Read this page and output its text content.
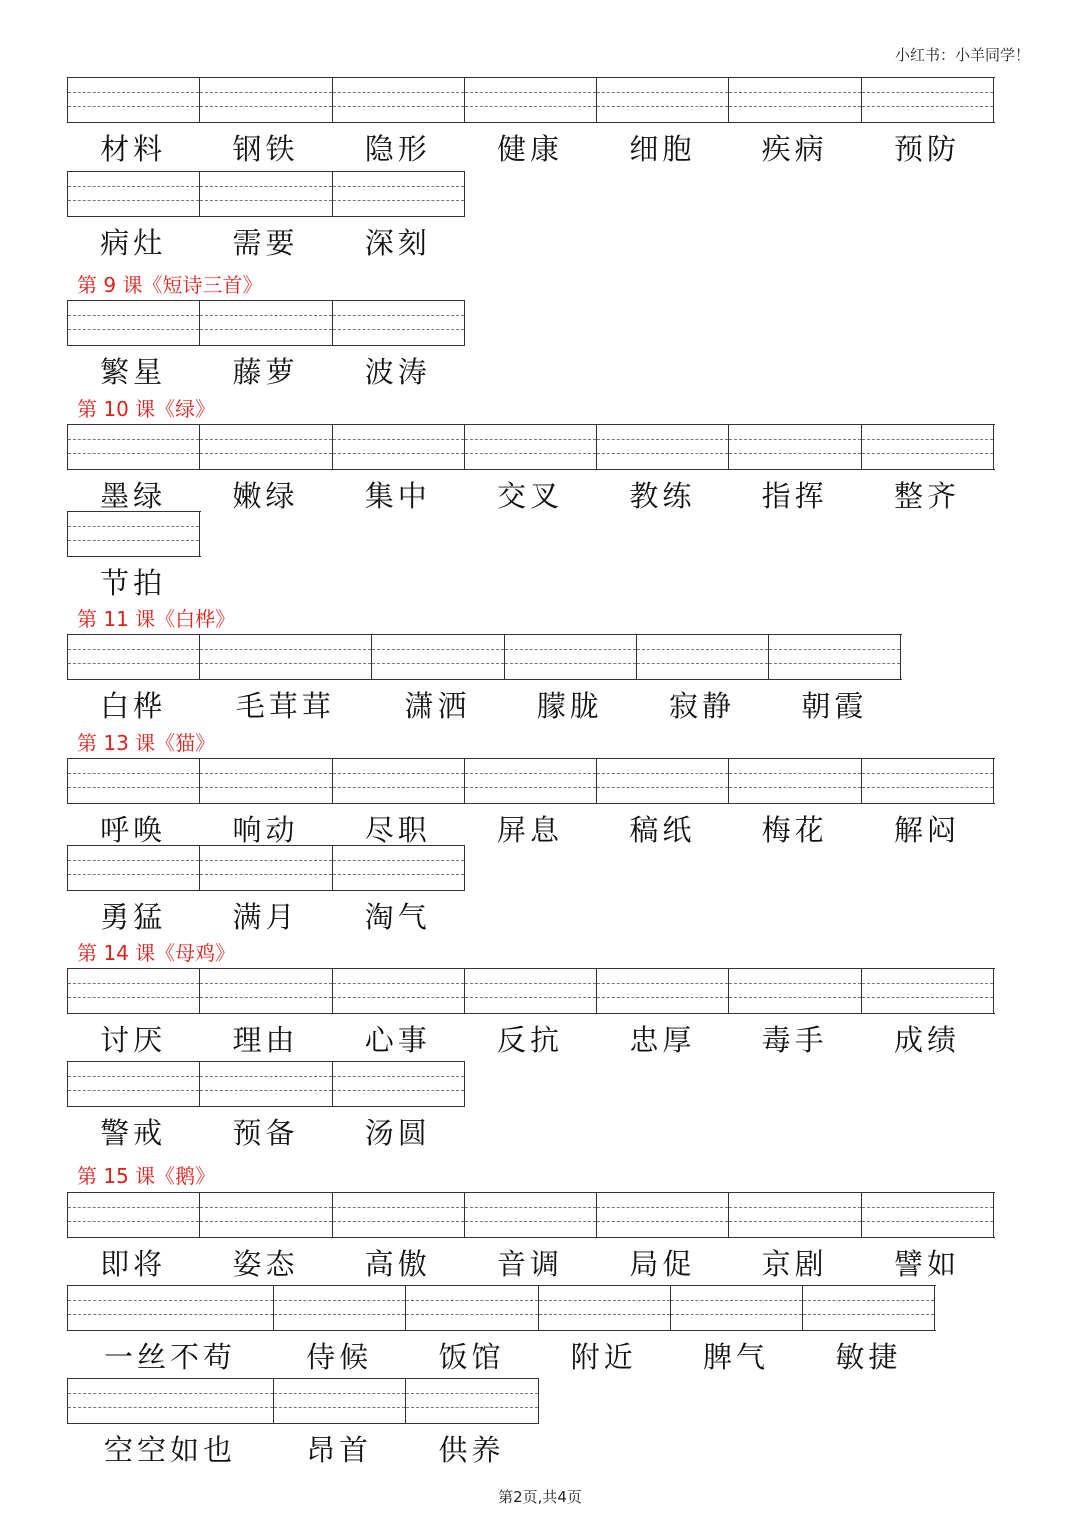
小红书：小羊同学！
材料	钢铁	隐形	健康	细胞	疾病	预防
病灶	需要	深刻
第 9 课《短诗三首》
繁星	藤萝	波涛
第 10 课《绿》
墨绿	嫩绿	集中	交叉	教练	指挥	整齐
节拍
第 11 课《白桦》
白桦	毛茸茸	潇洒	朦胧	寂静	朝霞
第 13 课《猫》
呼唤	响动	尽职	屏息	稿纸	梅花	解闷
勇猛	满月	淘气
第 14 课《母鸡》
讨厌	理由	心事	反抗	忠厚	毒手	成绩
警戒	预备	汤圆
第 15 课《鹅》
即将	姿态	高傲	音调	局促	京剧	譬如
一丝不苟	侍候	饭馆	附近	脾气	敏捷
空空如也	昂首	供养
第2页,共4页
